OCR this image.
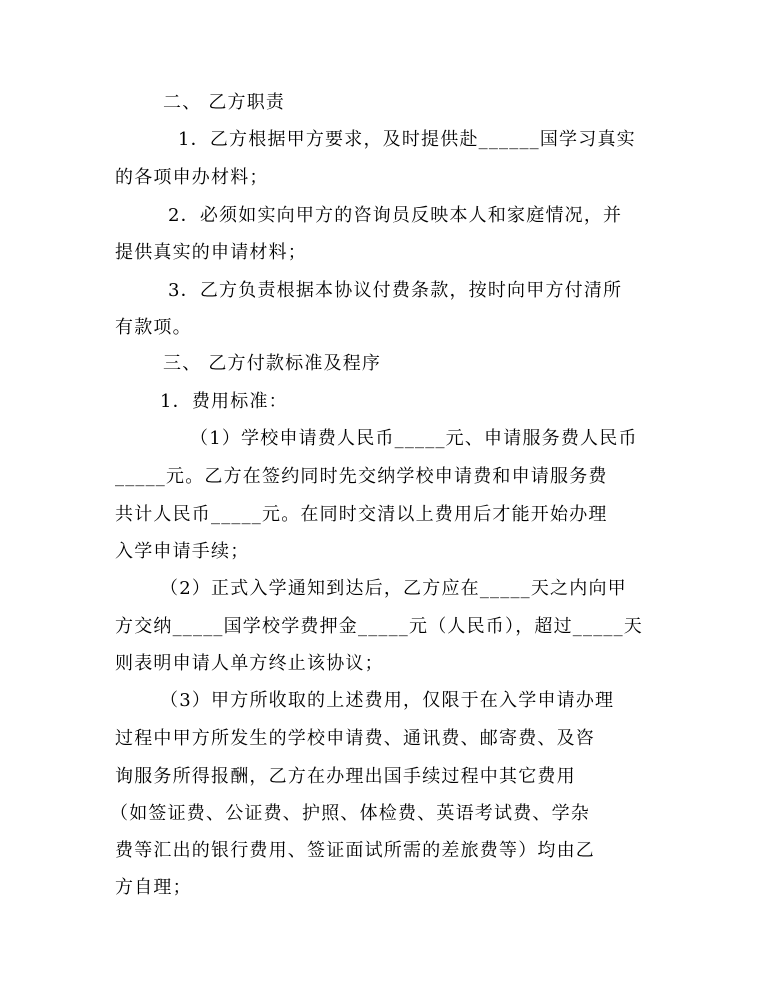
二、 乙方职责

1．乙方根据甲方要求，及时提供赴______国学习真实

的各项申办材料；

2．必须如实向甲方的咨询员反映本人和家庭情况，并

提供真实的申请材料；

3．乙方负责根据本协议付费条款，按时向甲方付清所

有款项。

三、 乙方付款标准及程序

1．费用标准：

（1）学校申请费人民币_____元、申请服务费人民币

_____元。乙方在签约同时先交纳学校申请费和申请服务费

共计人民币_____元。在同时交清以上费用后才能开始办理

入学申请手续；

（2）正式入学通知到达后，乙方应在_____天之内向甲

方交纳_____国学校学费押金_____元（人民币），超过_____天

则表明申请人单方终止该协议；

（3）甲方所收取的上述费用，仅限于在入学申请办理

过程中甲方所发生的学校申请费、通讯费、邮寄费、及咨

询服务所得报酬，乙方在办理出国手续过程中其它费用

（如签证费、公证费、护照、体检费、英语考试费、学杂

费等汇出的银行费用、签证面试所需的差旅费等）均由乙

方自理；
